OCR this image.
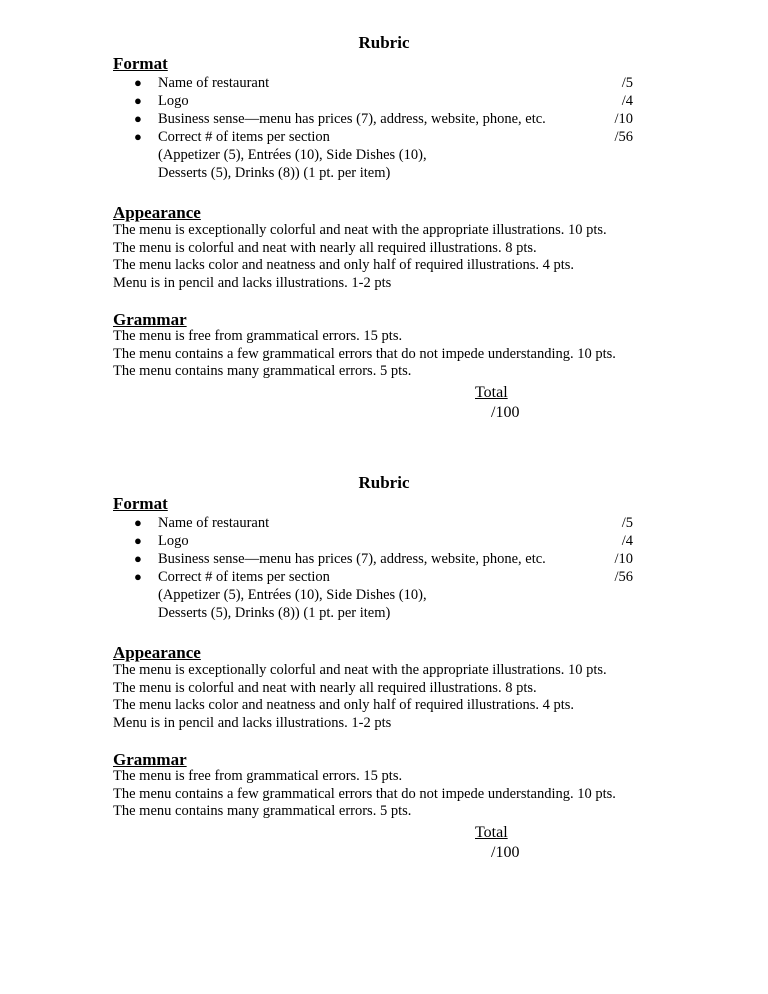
Rubric
Format
● Name of restaurant	/5
● Logo	/4
● Business sense—menu has prices (7), address, website, phone, etc.	/10
● Correct # of items per section	/56
(Appetizer (5), Entrées (10), Side Dishes (10),
Desserts (5), Drinks (8)) (1 pt. per item)
Appearance
The menu is exceptionally colorful and neat with the appropriate illustrations. 10 pts.
The menu is colorful and neat with nearly all required illustrations. 8 pts.
The menu lacks color and neatness and only half of required illustrations. 4 pts.
Menu is in pencil and lacks illustrations. 1-2 pts
Grammar
The menu is free from grammatical errors. 15 pts.
The menu contains a few grammatical errors that do not impede understanding. 10 pts.
The menu contains many grammatical errors. 5 pts.
Total
/100
Rubric
Format
● Name of restaurant	/5
● Logo	/4
● Business sense—menu has prices (7), address, website, phone, etc.	/10
● Correct # of items per section	/56
(Appetizer (5), Entrées (10), Side Dishes (10),
Desserts (5), Drinks (8)) (1 pt. per item)
Appearance
The menu is exceptionally colorful and neat with the appropriate illustrations. 10 pts.
The menu is colorful and neat with nearly all required illustrations. 8 pts.
The menu lacks color and neatness and only half of required illustrations. 4 pts.
Menu is in pencil and lacks illustrations. 1-2 pts
Grammar
The menu is free from grammatical errors. 15 pts.
The menu contains a few grammatical errors that do not impede understanding. 10 pts.
The menu contains many grammatical errors. 5 pts.
Total
/100
